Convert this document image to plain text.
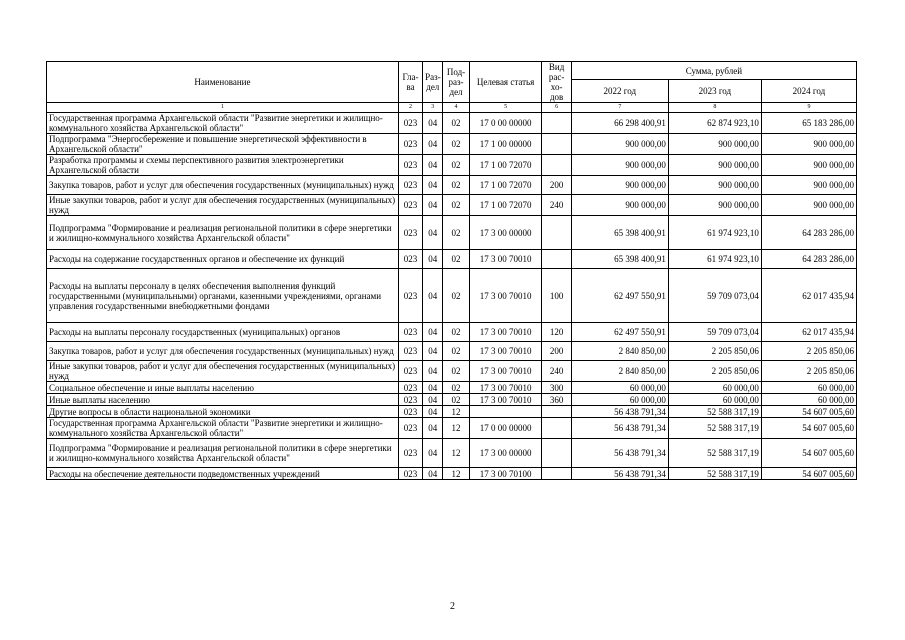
Наименование	Гла-ва	Раз-дел	Под-раз-дел	Целевая статья	Вид рас-хо-дов	Сумма, рублей		
						2022 год	2023 год	2024 год
1	2	3	4	5	6	7	8	9
Государственная программа Архангельской области "Развитие энергетики и жилищно-коммунального хозяйства Архангельской области"	023	04	02	17 0 00 00000		66 298 400,91	62 874 923,10	65 183 286,00
Подпрограмма "Энергосбережение и повышение энергетической эффективности в Архангельской области"	023	04	02	17 1 00 00000		900 000,00	900 000,00	900 000,00
Разработка программы и схемы перспективного развития электроэнергетики Архангельской области	023	04	02	17 1 00 72070		900 000,00	900 000,00	900 000,00
Закупка товаров, работ и услуг для обеспечения государственных (муниципальных) нужд	023	04	02	17 1 00 72070	200	900 000,00	900 000,00	900 000,00
Иные закупки товаров, работ и услуг для обеспечения государственных (муниципальных) нужд	023	04	02	17 1 00 72070	240	900 000,00	900 000,00	900 000,00
Подпрограмма "Формирование и реализация региональной политики в сфере энергетики и жилищно-коммунального хозяйства Архангельской области"	023	04	02	17 3 00 00000		65 398 400,91	61 974 923,10	64 283 286,00
Расходы на содержание государственных органов и обеспечение их функций	023	04	02	17 3 00 70010		65 398 400,91	61 974 923,10	64 283 286,00
Расходы на выплаты персоналу в целях обеспечения выполнения функций государственными (муниципальными) органами, казенными учреждениями, органами управления государственными внебюджетными фондами	023	04	02	17 3 00 70010	100	62 497 550,91	59 709 073,04	62 017 435,94
Расходы на выплаты персоналу государственных (муниципальных) органов	023	04	02	17 3 00 70010	120	62 497 550,91	59 709 073,04	62 017 435,94
Закупка товаров, работ и услуг для обеспечения государственных (муниципальных) нужд	023	04	02	17 3 00 70010	200	2 840 850,00	2 205 850,06	2 205 850,06
Иные закупки товаров, работ и услуг для обеспечения государственных (муниципальных) нужд	023	04	02	17 3 00 70010	240	2 840 850,00	2 205 850,06	2 205 850,06
Социальное обеспечение и иные выплаты населению	023	04	02	17 3 00 70010	300	60 000,00	60 000,00	60 000,00
Иные выплаты населению	023	04	02	17 3 00 70010	360	60 000,00	60 000,00	60 000,00
Другие вопросы в области национальной экономики	023	04	12			56 438 791,34	52 588 317,19	54 607 005,60
Государственная программа Архангельской области "Развитие энергетики и жилищно-коммунального хозяйства Архангельской области"	023	04	12	17 0 00 00000		56 438 791,34	52 588 317,19	54 607 005,60
Подпрограмма "Формирование и реализация региональной политики в сфере энергетики и жилищно-коммунального хозяйства Архангельской области"	023	04	12	17 3 00 00000		56 438 791,34	52 588 317,19	54 607 005,60
Расходы на обеспечение деятельности подведомственных учреждений	023	04	12	17 3 00 70100		56 438 791,34	52 588 317,19	54 607 005,60
2
